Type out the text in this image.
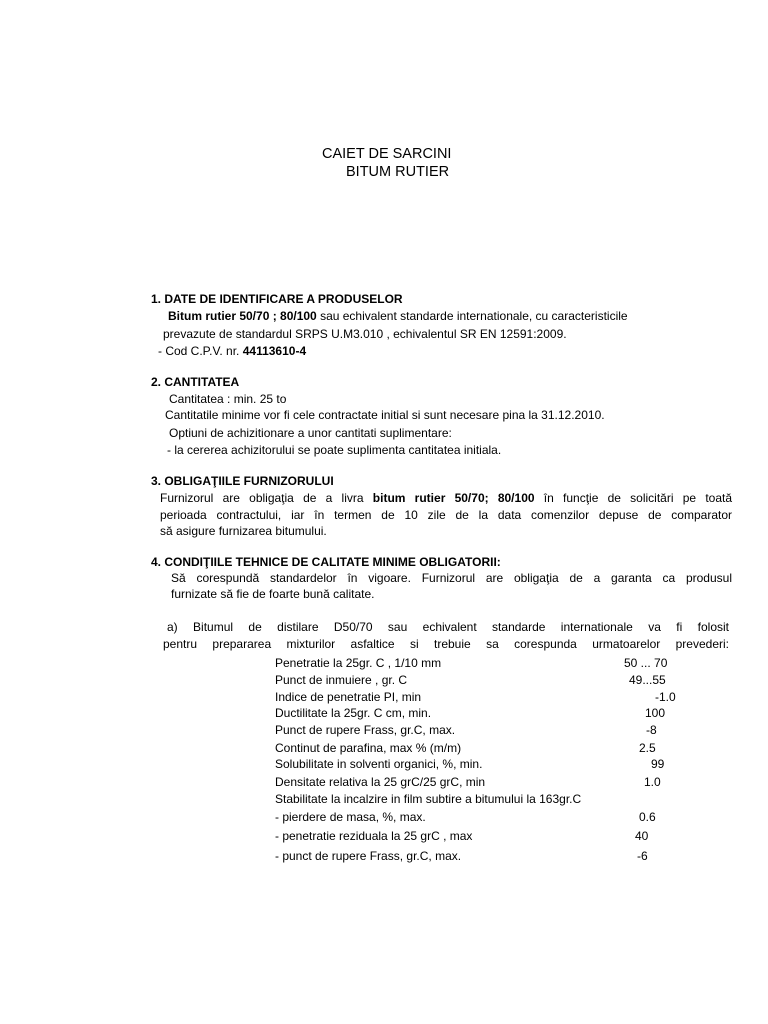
CAIET DE SARCINI
BITUM RUTIER
1. DATE DE IDENTIFICARE A PRODUSELOR
Bitum rutier 50/70 ; 80/100 sau echivalent standarde internationale, cu caracteristicile
prevazute de standardul SRPS U.M3.010 , echivalentul SR EN 12591:2009.
- Cod C.P.V. nr. 44113610-4
2. CANTITATEA
Cantitatea : min. 25 to
Cantitatile minime vor fi cele contractate initial si sunt necesare pina la 31.12.2010.
Optiuni de achizitionare a unor cantitati suplimentare:
- la cererea achizitorului se poate suplimenta cantitatea initiala.
3. OBLIGAŢIILE FURNIZORULUI
Furnizorul are obligaţia de a livra bitum rutier 50/70; 80/100 în funcţie de solicitări pe toată
perioada contractului, iar în termen de 10 zile de la data comenzilor depuse de comparator
să asigure furnizarea bitumului.
4. CONDIŢIILE TEHNICE DE CALITATE MINIME OBLIGATORII:
Să corespundă standardelor în vigoare. Furnizorul are obligaţia de a garanta ca produsul
furnizate să fie de foarte bună calitate.
a) Bitumul de distilare D50/70 sau echivalent standarde internationale va fi folosit
pentru prepararea mixturilor asfaltice si trebuie sa corespunda urmatoarelor prevederi:
Penetratie la 25gr. C , 1/10 mm	50 ... 70
Punct de inmuiere , gr. C	49...55
Indice de penetratie PI, min	-1.0
Ductilitate la 25gr. C cm, min.	100
Punct de rupere Frass, gr.C, max.	-8
Continut de parafina, max % (m/m)	2.5
Solubilitate in solventi organici, %, min.	99
Densitate relativa la 25 grC/25 grC, min	1.0
Stabilitate la incalzire in film subtire a bitumului la 163gr.C
- pierdere de masa, %, max.	0.6
- penetratie reziduala la 25 grC , max	40
- punct de rupere Frass, gr.C, max.	-6
